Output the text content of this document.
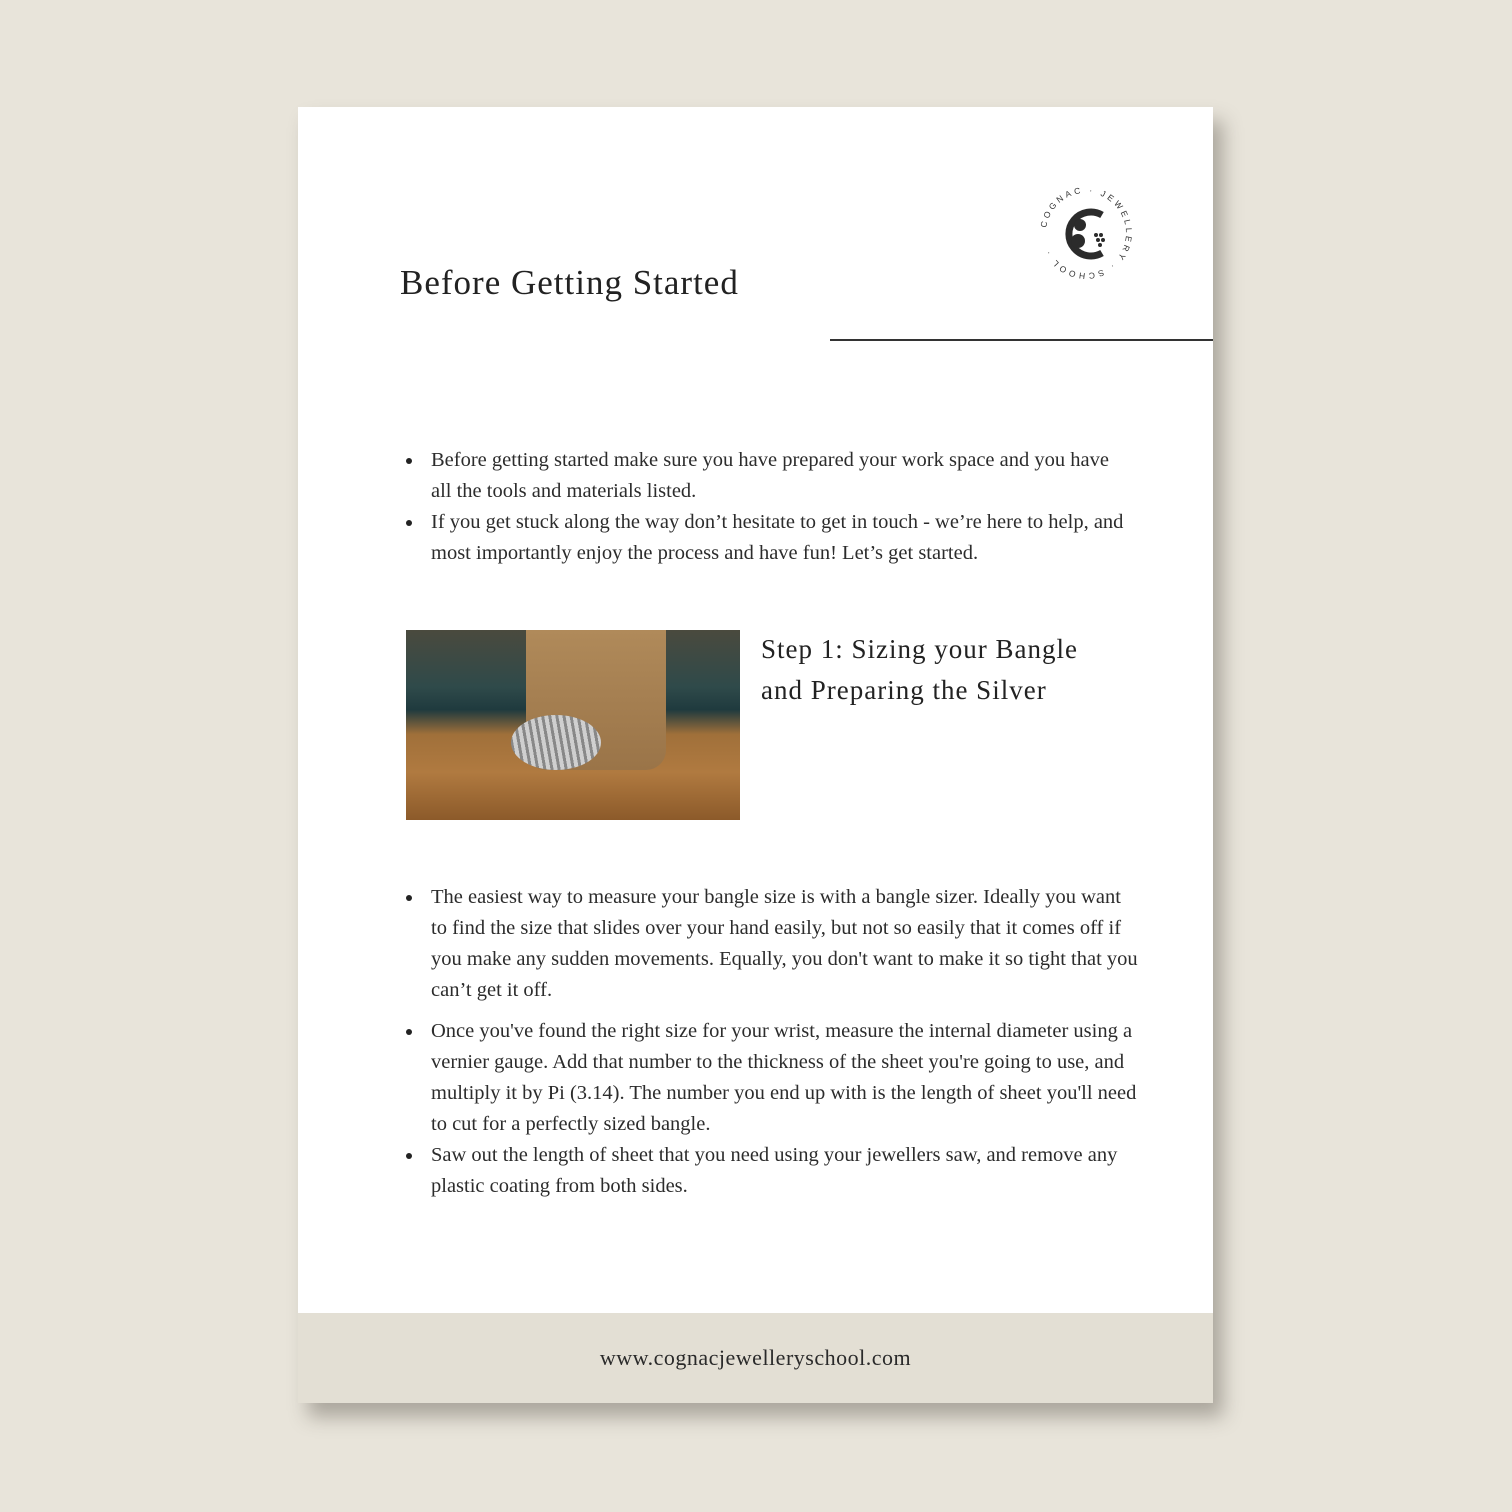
COGNAC · JEWELLERY · SCHOOL ·
Before Getting Started
Before getting started make sure you have prepared your work space and you have all the tools and materials listed.
If you get stuck along the way don’t hesitate to get in touch - we’re here to help, and most importantly enjoy the process and have fun! Let’s get started.
Step 1: Sizing your Bangle and Preparing the Silver
The easiest way to measure your bangle size is with a bangle sizer. Ideally you want to find the size that slides over your hand easily, but not so easily that it comes off if you make any sudden movements. Equally, you don't want to make it so tight that you can’t get it off.
Once you've found the right size for your wrist, measure the internal diameter using a vernier gauge. Add that number to the thickness of the sheet you're going to use, and multiply it by Pi (3.14). The number you end up with is the length of sheet you'll need to cut for a perfectly sized bangle.
Saw out the length of sheet that you need using your jewellers saw, and remove any plastic coating from both sides.
www.cognacjewelleryschool.com
